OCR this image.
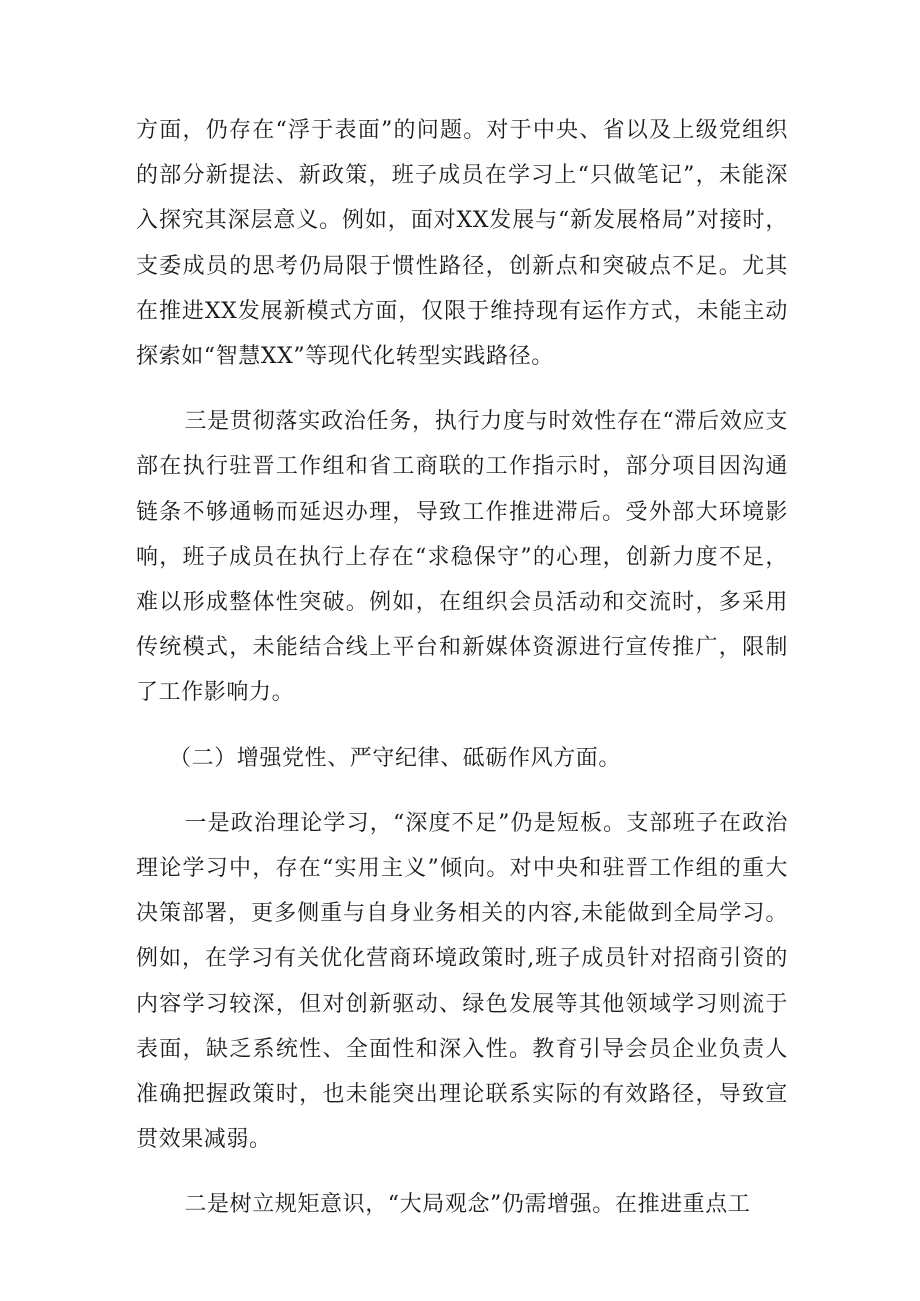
方面，仍存在“浮于表面”的问题。对于中央、省以及上级党组织的部分新提法、新政策，班子成员在学习上“只做笔记”，未能深入探究其深层意义。例如，面对XX发展与“新发展格局”对接时，支委成员的思考仍局限于惯性路径，创新点和突破点不足。尤其在推进XX发展新模式方面，仅限于维持现有运作方式，未能主动探索如“智慧XX”等现代化转型实践路径。

三是贯彻落实政治任务，执行力度与时效性存在“滞后效应支部在执行驻晋工作组和省工商联的工作指示时，部分项目因沟通链条不够通畅而延迟办理，导致工作推进滞后。受外部大环境影响，班子成员在执行上存在“求稳保守”的心理，创新力度不足，难以形成整体性突破。例如，在组织会员活动和交流时，多采用传统模式，未能结合线上平台和新媒体资源进行宣传推广，限制了工作影响力。

（二）增强党性、严守纪律、砥砺作风方面。

一是政治理论学习，“深度不足”仍是短板。支部班子在政治理论学习中，存在“实用主义”倾向。对中央和驻晋工作组的重大决策部署，更多侧重与自身业务相关的内容,未能做到全局学习。例如，在学习有关优化营商环境政策时,班子成员针对招商引资的内容学习较深，但对创新驱动、绿色发展等其他领域学习则流于表面，缺乏系统性、全面性和深入性。教育引导会员企业负责人准确把握政策时，也未能突出理论联系实际的有效路径，导致宣贯效果减弱。

二是树立规矩意识，“大局观念”仍需增强。在推进重点工
